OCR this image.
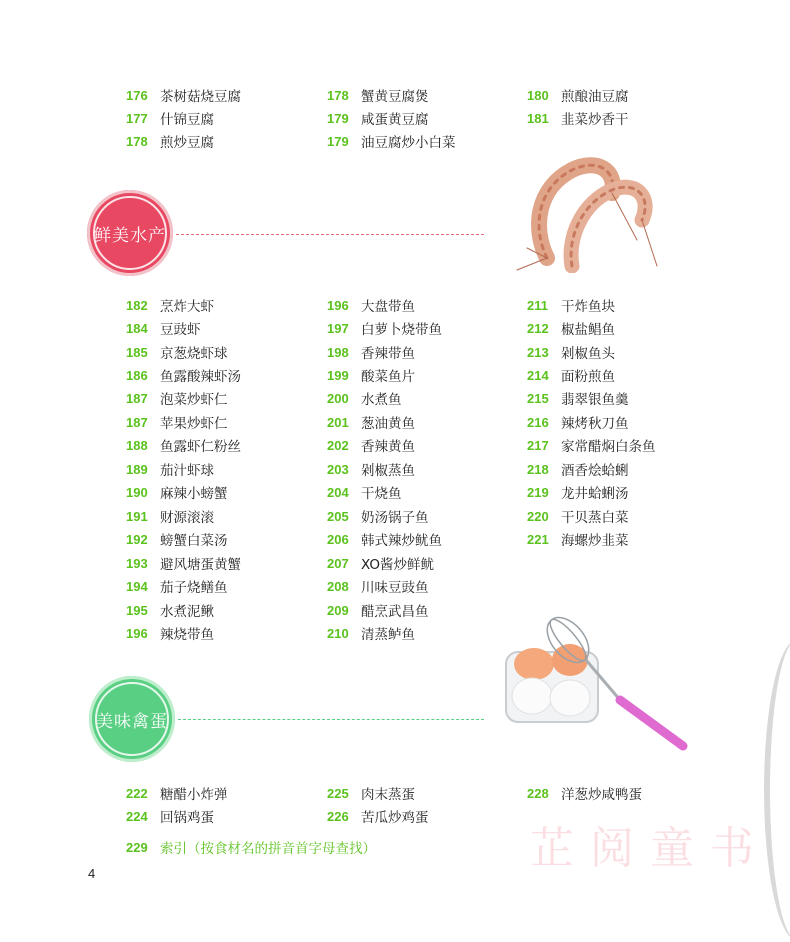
176 茶树菇烧豆腐
177 什锦豆腐
178 煎炒豆腐
178 蟹黄豆腐煲
179 咸蛋黄豆腐
179 油豆腐炒小白菜
180 煎酿油豆腐
181 韭菜炒香干
鲜美水产
182 烹炸大虾
184 豆豉虾
185 京葱烧虾球
186 鱼露酸辣虾汤
187 泡菜炒虾仁
187 苹果炒虾仁
188 鱼露虾仁粉丝
189 茄汁虾球
190 麻辣小螃蟹
191 财源滚滚
192 螃蟹白菜汤
193 避风塘蛋黄蟹
194 茄子烧鳝鱼
195 水煮泥鳅
196 辣烧带鱼
196 大盘带鱼
197 白萝卜烧带鱼
198 香辣带鱼
199 酸菜鱼片
200 水煮鱼
201 葱油黄鱼
202 香辣黄鱼
203 剁椒蒸鱼
204 干烧鱼
205 奶汤锅子鱼
206 韩式辣炒鱿鱼
207 XO酱炒鲜鱿
208 川味豆豉鱼
209 醋烹武昌鱼
210 清蒸鲈鱼
211 干炸鱼块
212 椒盐鲳鱼
213 剁椒鱼头
214 面粉煎鱼
215 翡翠银鱼羹
216 辣烤秋刀鱼
217 家常醋焖白条鱼
218 酒香烩蛤蜊
219 龙井蛤蜊汤
220 干贝蒸白菜
221 海螺炒韭菜
美味禽蛋
222 糖醋小炸弹
224 回锅鸡蛋
225 肉末蒸蛋
226 苦瓜炒鸡蛋
228 洋葱炒咸鸭蛋
229 索引（按食材名的拼音首字母查找）	芷阅童书
4
